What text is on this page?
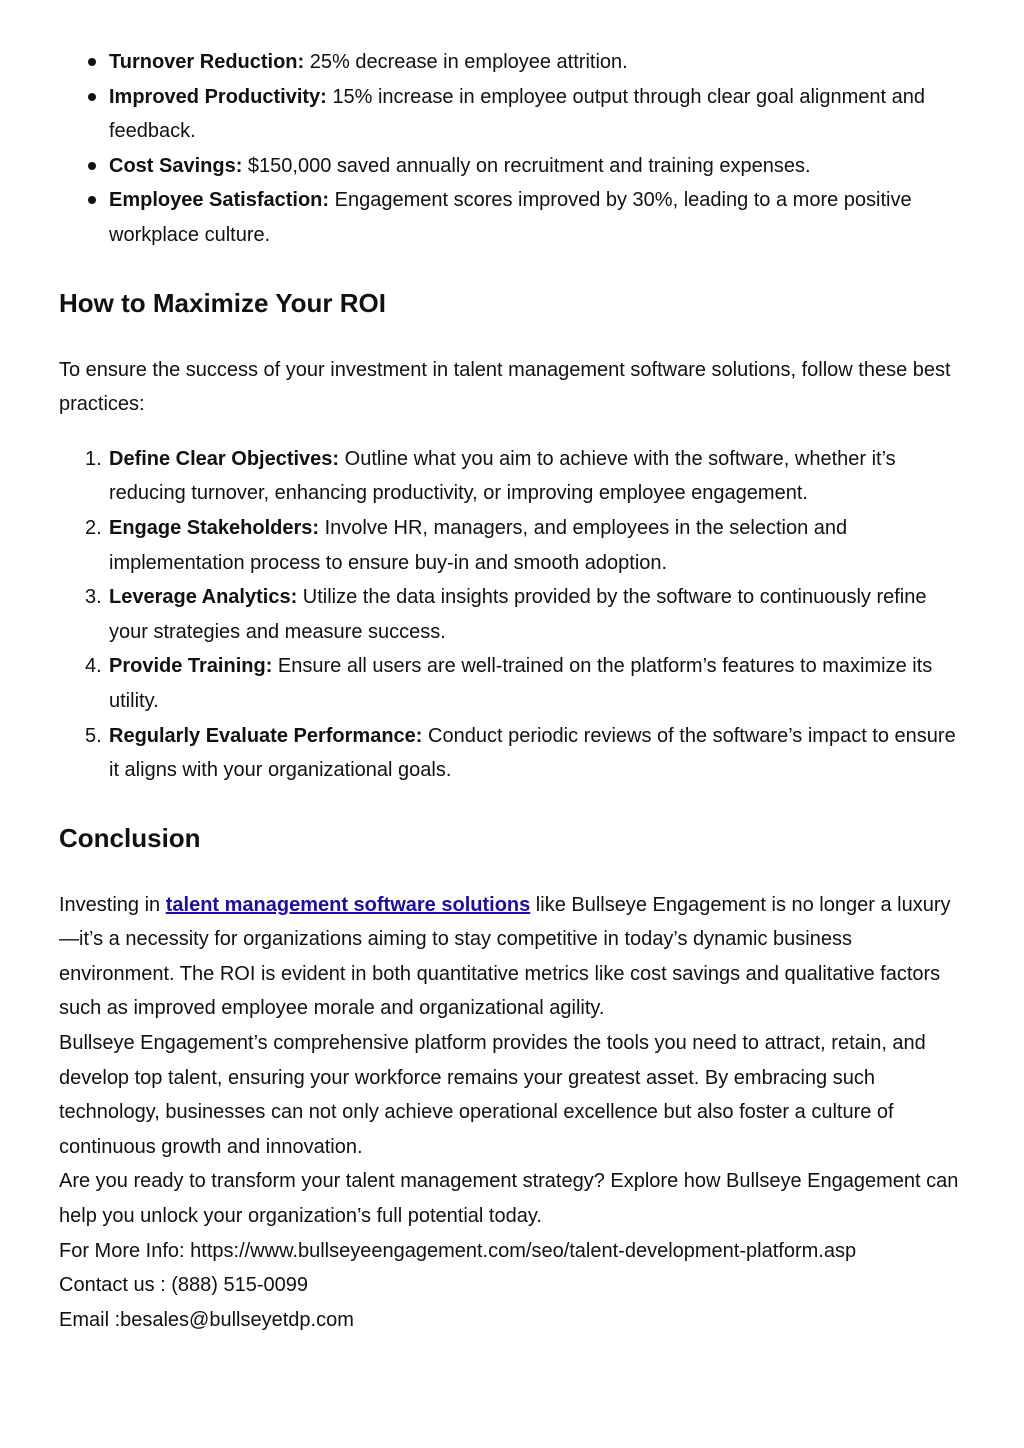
Turnover Reduction: 25% decrease in employee attrition.
Improved Productivity: 15% increase in employee output through clear goal alignment and feedback.
Cost Savings: $150,000 saved annually on recruitment and training expenses.
Employee Satisfaction: Engagement scores improved by 30%, leading to a more positive workplace culture.
How to Maximize Your ROI

To ensure the success of your investment in talent management software solutions, follow these best practices:

1. Define Clear Objectives: Outline what you aim to achieve with the software, whether it’s reducing turnover, enhancing productivity, or improving employee engagement.
2. Engage Stakeholders: Involve HR, managers, and employees in the selection and implementation process to ensure buy-in and smooth adoption.
3. Leverage Analytics: Utilize the data insights provided by the software to continuously refine your strategies and measure success.
4. Provide Training: Ensure all users are well-trained on the platform’s features to maximize its utility.
5. Regularly Evaluate Performance: Conduct periodic reviews of the software’s impact to ensure it aligns with your organizational goals.
Conclusion

Investing in talent management software solutions like Bullseye Engagement is no longer a luxury—it’s a necessity for organizations aiming to stay competitive in today’s dynamic business environment. The ROI is evident in both quantitative metrics like cost savings and qualitative factors such as improved employee morale and organizational agility.

Bullseye Engagement’s comprehensive platform provides the tools you need to attract, retain, and develop top talent, ensuring your workforce remains your greatest asset. By embracing such technology, businesses can not only achieve operational excellence but also foster a culture of continuous growth and innovation.

Are you ready to transform your talent management strategy? Explore how Bullseye Engagement can help you unlock your organization’s full potential today.

For More Info: https://www.bullseyeengagement.com/seo/talent-development-platform.asp

Contact us : (888) 515-0099

Email :besales@bullseyetdp.com
